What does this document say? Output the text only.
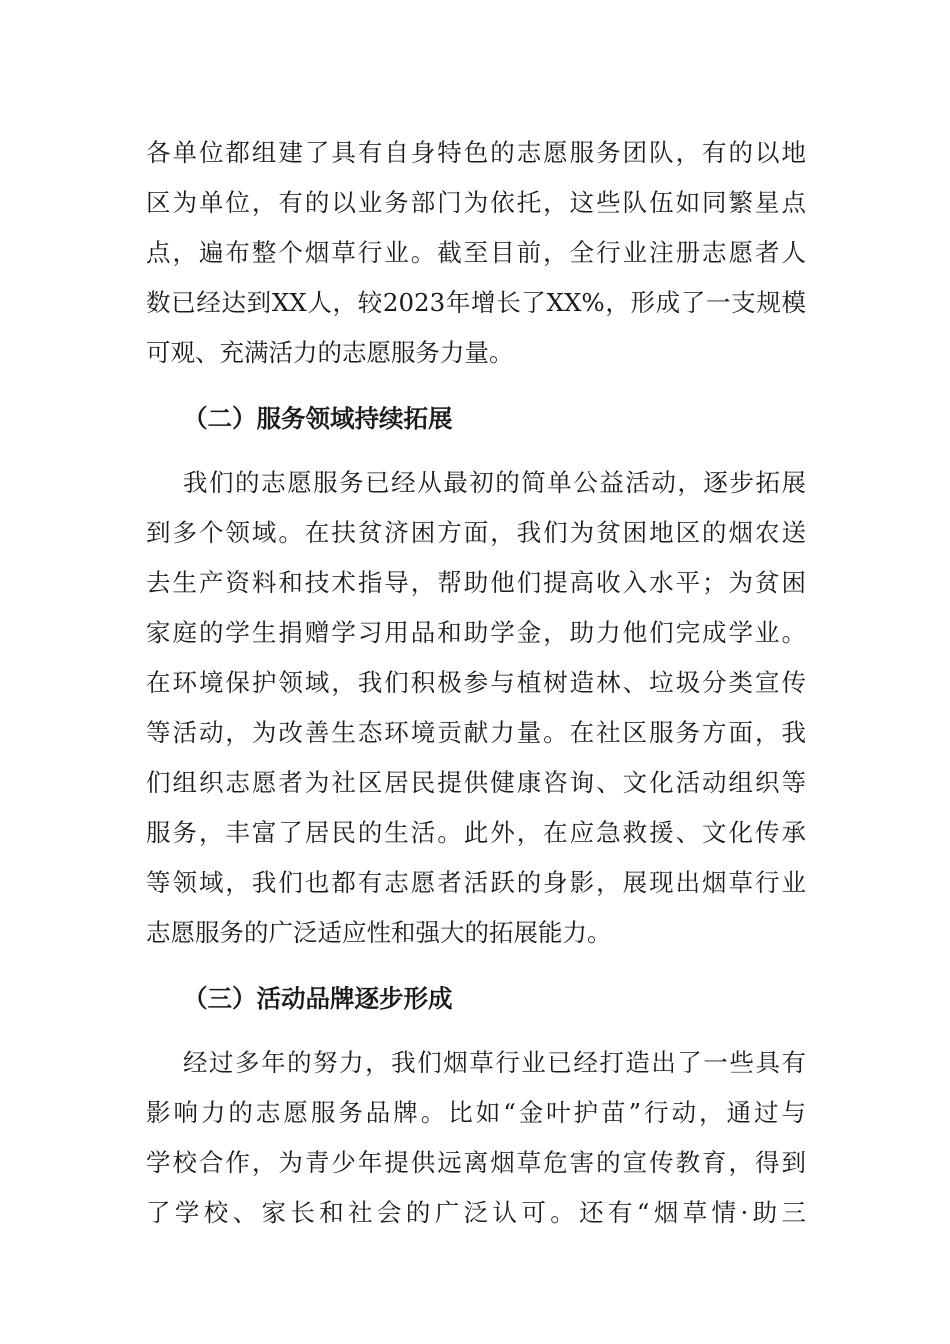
各单位都组建了具有自身特色的志愿服务团队，有的以地
区为单位，有的以业务部门为依托，这些队伍如同繁星点
点，遍布整个烟草行业。截至目前，全行业注册志愿者人
数已经达到XX人，较2023年增长了XX%，形成了一支规模
可观、充满活力的志愿服务力量。
（二）服务领域持续拓展
我们的志愿服务已经从最初的简单公益活动，逐步拓展
到多个领域。在扶贫济困方面，我们为贫困地区的烟农送
去生产资料和技术指导，帮助他们提高收入水平；为贫困
家庭的学生捐赠学习用品和助学金，助力他们完成学业。
在环境保护领域，我们积极参与植树造林、垃圾分类宣传
等活动，为改善生态环境贡献力量。在社区服务方面，我
们组织志愿者为社区居民提供健康咨询、文化活动组织等
服务，丰富了居民的生活。此外，在应急救援、文化传承
等领域，我们也都有志愿者活跃的身影，展现出烟草行业
志愿服务的广泛适应性和强大的拓展能力。
（三）活动品牌逐步形成
经过多年的努力，我们烟草行业已经打造出了一些具有
影响力的志愿服务品牌。比如“金叶护苗”行动，通过与
学校合作，为青少年提供远离烟草危害的宣传教育，得到
了学校、家长和社会的广泛认可。还有“烟草情·助三
